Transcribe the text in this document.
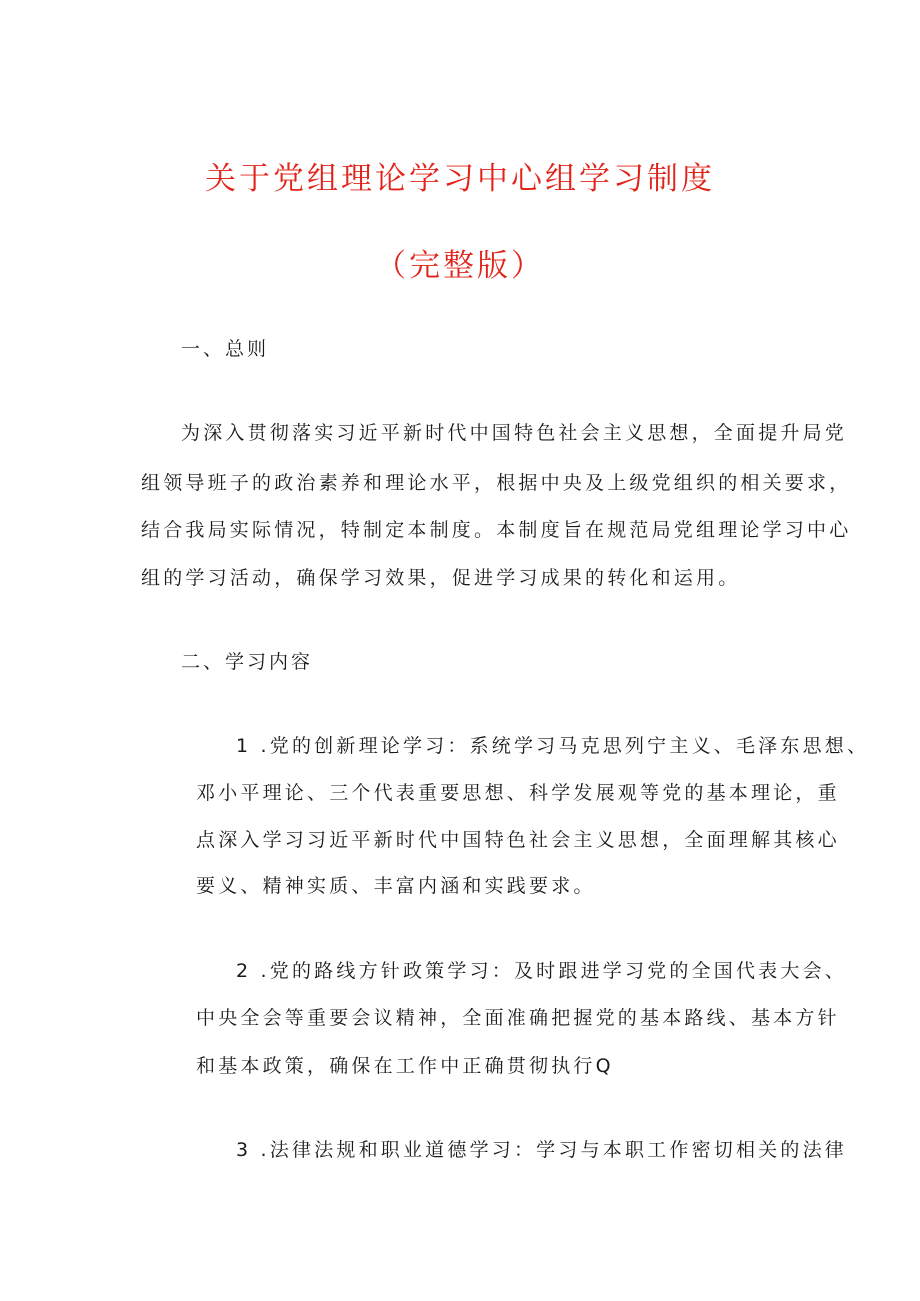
关于党组理论学习中心组学习制度
（完整版）
一、总则
为深入贯彻落实习近平新时代中国特色社会主义思想，全面提升局党
组领导班子的政治素养和理论水平，根据中央及上级党组织的相关要求，
结合我局实际情况，特制定本制度。本制度旨在规范局党组理论学习中心
组的学习活动，确保学习效果，促进学习成果的转化和运用。
二、学习内容
1 .党的创新理论学习：系统学习马克思列宁主义、毛泽东思想、
邓小平理论、三个代表重要思想、科学发展观等党的基本理论，重
点深入学习习近平新时代中国特色社会主义思想，全面理解其核心
要义、精神实质、丰富内涵和实践要求。
2 .党的路线方针政策学习：及时跟进学习党的全国代表大会、
中央全会等重要会议精神，全面准确把握党的基本路线、基本方针
和基本政策，确保在工作中正确贯彻执行Q
3 .法律法规和职业道德学习：学习与本职工作密切相关的法律
